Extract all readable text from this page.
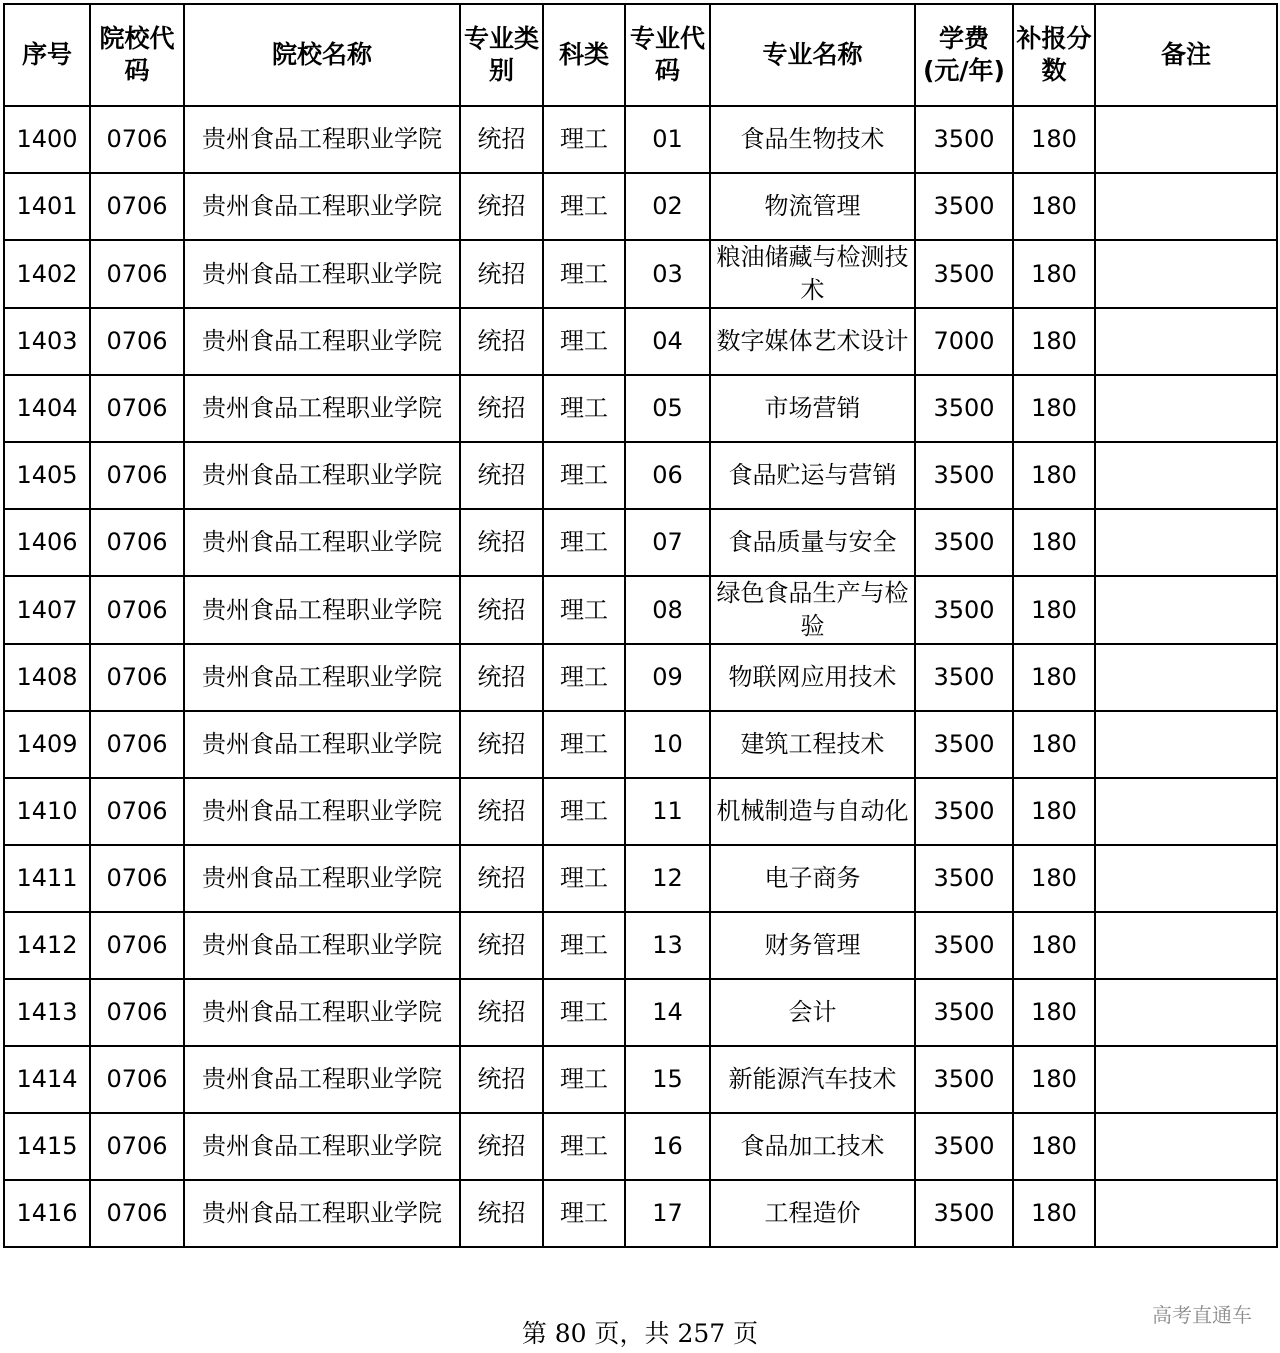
序号	院校代码	院校名称	专业类别	科类	专业代码	专业名称	学费(元/年)	补报分数	备注
1400	0706	贵州食品工程职业学院	统招	理工	01	食品生物技术	3500	180	
1401	0706	贵州食品工程职业学院	统招	理工	02	物流管理	3500	180	
1402	0706	贵州食品工程职业学院	统招	理工	03	粮油储藏与检测技术	3500	180	
1403	0706	贵州食品工程职业学院	统招	理工	04	数字媒体艺术设计	7000	180	
1404	0706	贵州食品工程职业学院	统招	理工	05	市场营销	3500	180	
1405	0706	贵州食品工程职业学院	统招	理工	06	食品贮运与营销	3500	180	
1406	0706	贵州食品工程职业学院	统招	理工	07	食品质量与安全	3500	180	
1407	0706	贵州食品工程职业学院	统招	理工	08	绿色食品生产与检验	3500	180	
1408	0706	贵州食品工程职业学院	统招	理工	09	物联网应用技术	3500	180	
1409	0706	贵州食品工程职业学院	统招	理工	10	建筑工程技术	3500	180	
1410	0706	贵州食品工程职业学院	统招	理工	11	机械制造与自动化	3500	180	
1411	0706	贵州食品工程职业学院	统招	理工	12	电子商务	3500	180	
1412	0706	贵州食品工程职业学院	统招	理工	13	财务管理	3500	180	
1413	0706	贵州食品工程职业学院	统招	理工	14	会计	3500	180	
1414	0706	贵州食品工程职业学院	统招	理工	15	新能源汽车技术	3500	180	
1415	0706	贵州食品工程职业学院	统招	理工	16	食品加工技术	3500	180	
1416	0706	贵州食品工程职业学院	统招	理工	17	工程造价	3500	180	
第 80 页，共 257 页
高考直通车
